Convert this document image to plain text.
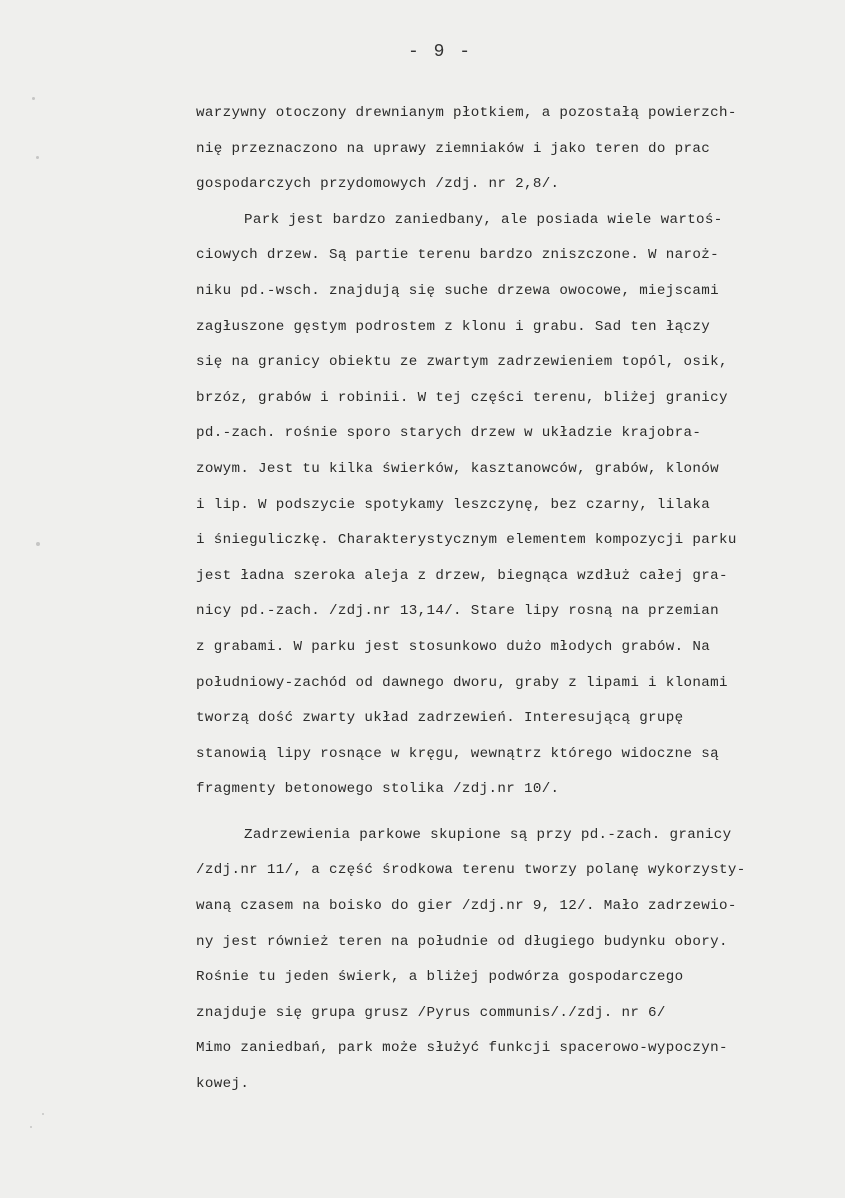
- 9 -
warzywny otoczony drewnianym płotkiem, a pozostałą powierzch-
nię przeznaczono na uprawy ziemniaków i jako teren do prac
gospodarczych przydomowych /zdj. nr 2,8/.
Park jest bardzo zaniedbany, ale posiada wiele wartoś-
ciowych drzew. Są partie terenu bardzo zniszczone. W naroż-
niku pd.-wsch. znajdują się suche drzewa owocowe, miejscami
zagłuszone gęstym podrostem z klonu i grabu. Sad ten łączy
się na granicy obiektu ze zwartym zadrzewieniem topól, osik,
brzóz, grabów i robinii. W tej części terenu, bliżej granicy
pd.-zach. rośnie sporo starych drzew w układzie krajobra-
zowym. Jest tu kilka świerków, kasztanowców, grabów, klonów
i lip. W podszycie spotykamy leszczynę, bez czarny, lilaka
i śnieguliczkę. Charakterystycznym elementem kompozycji parku
jest ładna szeroka aleja z drzew, biegnąca wzdłuż całej gra-
nicy pd.-zach. /zdj.nr 13,14/. Stare lipy rosną na przemian
z grabami. W parku jest stosunkowo dużo młodych grabów. Na
południowy-zachód od dawnego dworu, graby z lipami i klonami
tworzą dość zwarty układ zadrzewień. Interesującą grupę
stanowią lipy rosnące w kręgu, wewnątrz którego widoczne są
fragmenty betonowego stolika /zdj.nr 10/.
Zadrzewienia parkowe skupione są przy pd.-zach. granicy
/zdj.nr 11/, a część środkowa terenu tworzy polanę wykorzysty-
waną czasem na boisko do gier /zdj.nr 9, 12/. Mało zadrzewio-
ny jest również teren na południe od długiego budynku obory.
Rośnie tu jeden świerk, a bliżej podwórza gospodarczego
znajduje się grupa grusz /Pyrus communis/./zdj. nr 6/
Mimo zaniedbań, park może służyć funkcji spacerowo-wypoczyn-
kowej.
